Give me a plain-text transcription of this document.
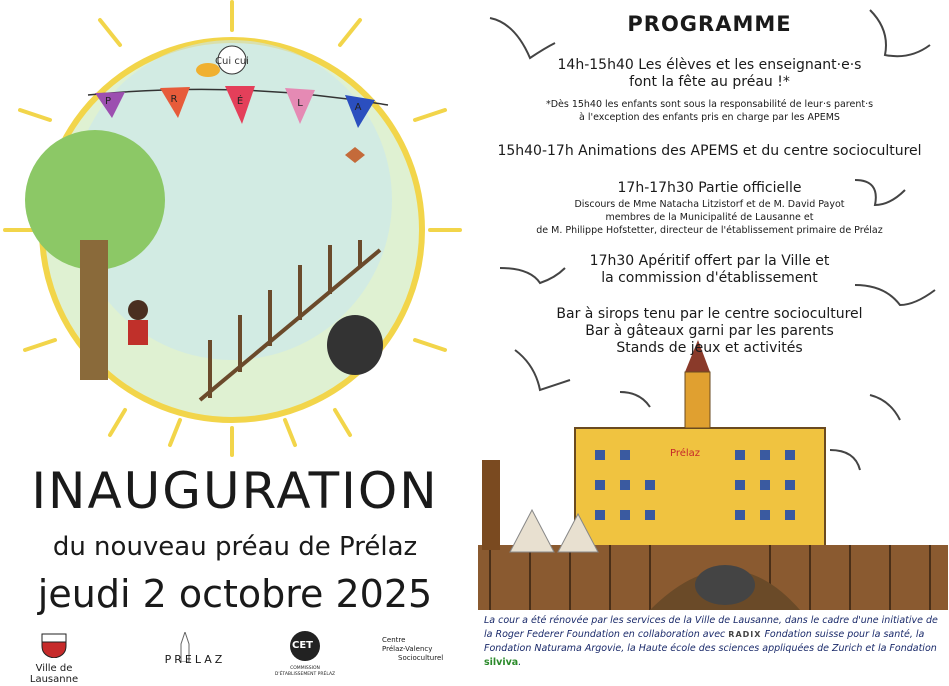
Cui cui
P	R	É	L	A
INAUGURATION
du nouveau préau de Prélaz
jeudi 2 octobre 2025
Ville de Lausanne
PRELAZ
CET
COMMISSION D'ÉTABLISSEMENT PRÉLAZ
Centre
Prélaz-Valency
Socioculturel
Prélaz
PROGRAMME
14h-15h40 Les élèves et les enseignant·e·s
font la fête au préau !*
*Dès 15h40 les enfants sont sous la responsabilité de leur·s parent·s
à l'exception des enfants pris en charge par les APEMS
15h40-17h Animations des APEMS et du centre socioculturel
17h-17h30 Partie officielle
Discours de Mme Natacha Litzistorf et de M. David Payot
membres de la Municipalité de Lausanne et
de M. Philippe Hofstetter, directeur de l'établissement primaire de Prélaz
17h30 Apéritif offert par la Ville et
la commission d'établissement
Bar à sirops tenu par le centre socioculturel
Bar à gâteaux garni par les parents
Stands de jeux et activités
La cour a été rénovée par les services de la Ville de Lausanne, dans le cadre d'une initiative de la Roger Federer Foundation en collaboration avec RADIX Fondation suisse pour la santé, la Fondation Naturama Argovie, la Haute école des sciences appliquées de Zurich et la Fondation silviva.
